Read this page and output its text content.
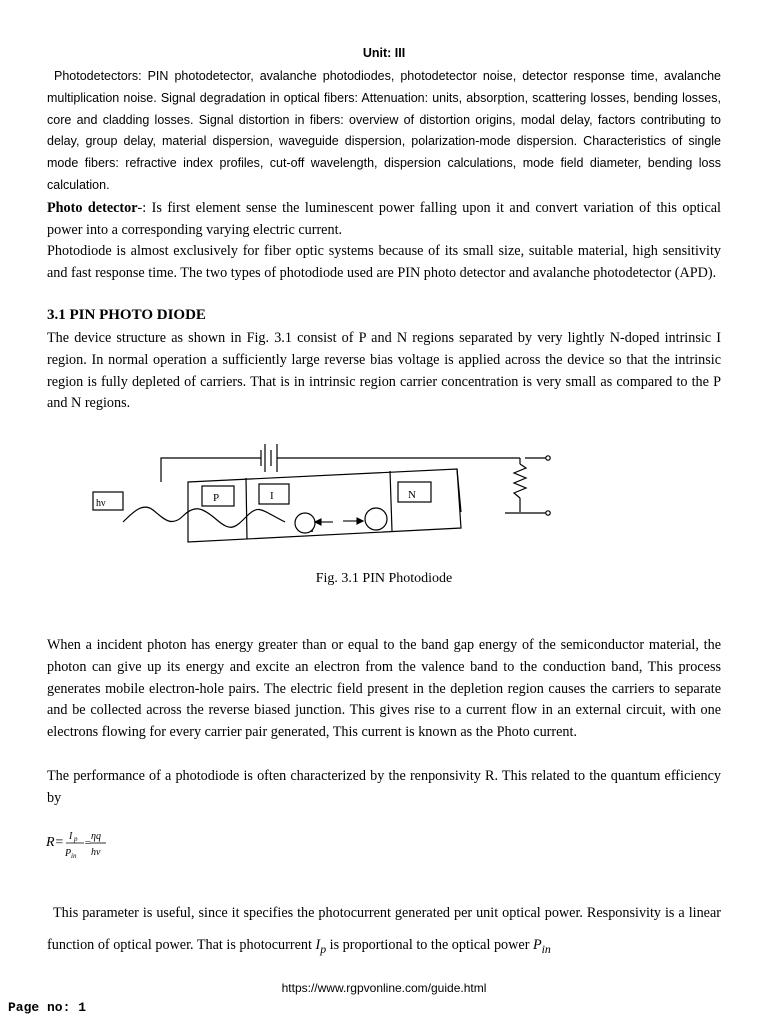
Unit: III

Photodetectors: PIN photodetector, avalanche photodiodes, photodetector noise, detector response time, avalanche multiplication noise. Signal degradation in optical fibers: Attenuation: units, absorption, scattering losses, bending losses, core and cladding losses. Signal distortion in fibers: overview of distortion origins, modal delay, factors contributing to delay, group delay, material dispersion, waveguide dispersion, polarization-mode dispersion. Characteristics of single mode fibers: refractive index profiles, cut-off wavelength, dispersion calculations, mode field diameter, bending loss calculation.

Photo detector-: Is first element sense the luminescent power falling upon it and convert variation of this optical power into a corresponding varying electric current.

Photodiode is almost exclusively for fiber optic systems because of its small size, suitable material, high sensitivity and fast response time. The two types of photodiode used are PIN photo detector and avalanche photodetector (APD).

3.1 PIN PHOTO DIODE

The device structure as shown in Fig. 3.1 consist of P and N regions separated by very lightly N-doped intrinsic I region. In normal operation a sufficiently large reverse bias voltage is applied across the device so that the intrinsic region is fully depleted of carriers. That is in intrinsic region carrier concentration is very small as compared to the P and N regions.

hν	P	I	N
Fig. 3.1 PIN Photodiode

When a incident photon has energy greater than or equal to the band gap energy of the semiconductor material, the photon can give up its energy and excite an electron from the valence band to the conduction band, This process generates mobile electron-hole pairs. The electric field present in the depletion region causes the carriers to separate and be collected across the reverse biased junction. This gives rise to a current flow in an external circuit, with one electrons flowing for every carrier pair generated, This current is known as the Photo current.

The performance of a photodiode is often characterized by the renponsivity R. This related to the quantum efficiency by

R= I p
P in
=
ηq
hν

This parameter is useful, since it specifies the photocurrent generated per unit optical power. Responsivity is a linear function of optical power. That is photocurrent $I_p$ is proportional to the optical power $P_{in}$

https://www.rgpvonline.com/guide.html
Page no: 1
